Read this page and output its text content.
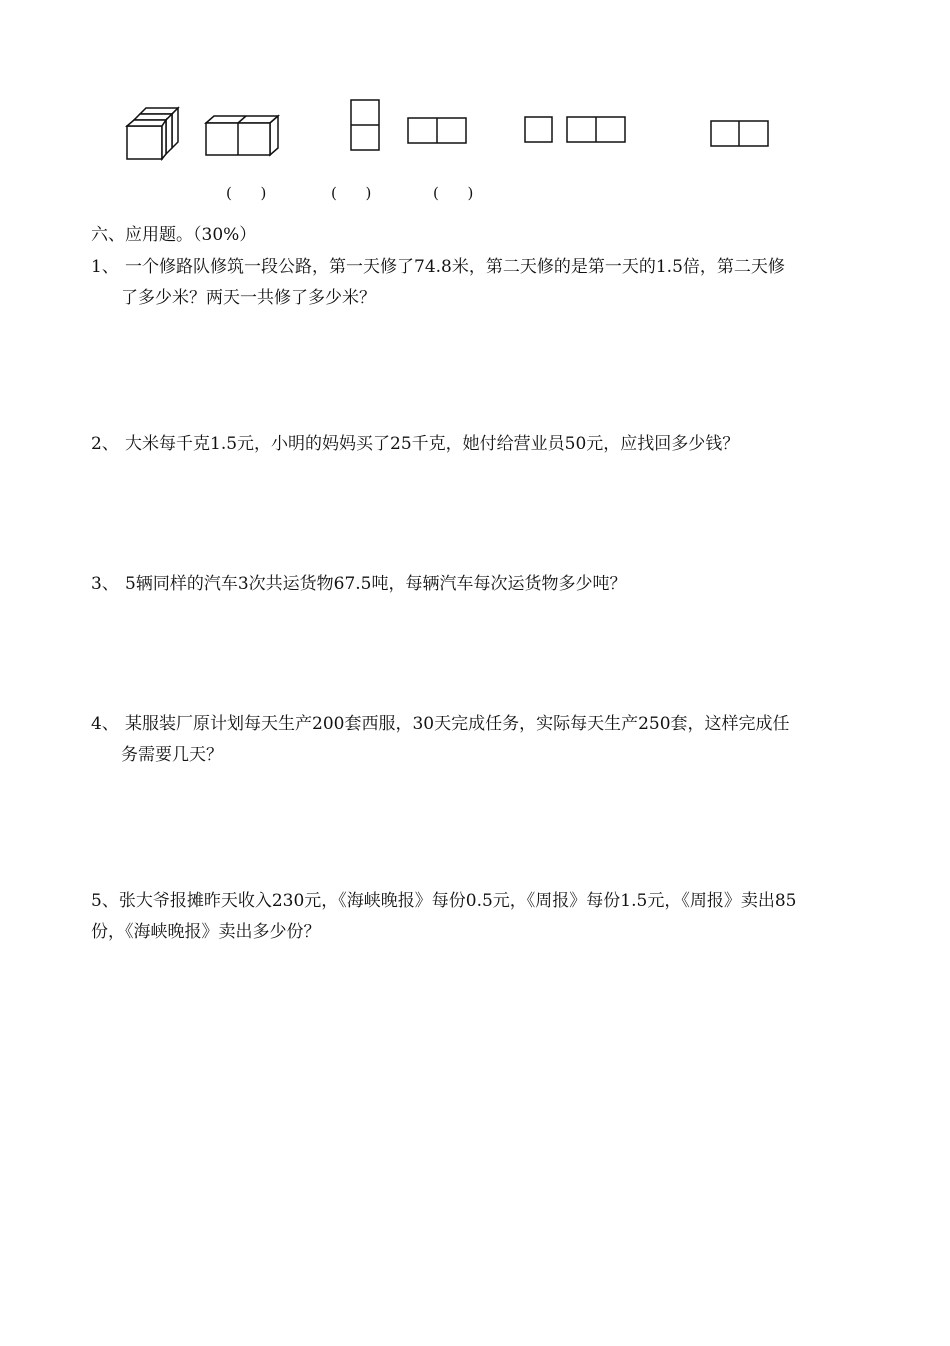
(      )	(      )	(      )
六、应用题。（30%）
1、 一个修路队修筑一段公路，第一天修了74.8米，第二天修的是第一天的1.5倍，第二天修
了多少米？两天一共修了多少米？
2、 大米每千克1.5元，小明的妈妈买了25千克，她付给营业员50元，应找回多少钱？
3、 5辆同样的汽车3次共运货物67.5吨，每辆汽车每次运货物多少吨？
4、 某服装厂原计划每天生产200套西服，30天完成任务，实际每天生产250套，这样完成任
务需要几天？
5、张大爷报摊昨天收入230元，《海峡晚报》每份0.5元，《周报》每份1.5元，《周报》卖出85
份，《海峡晚报》卖出多少份？
